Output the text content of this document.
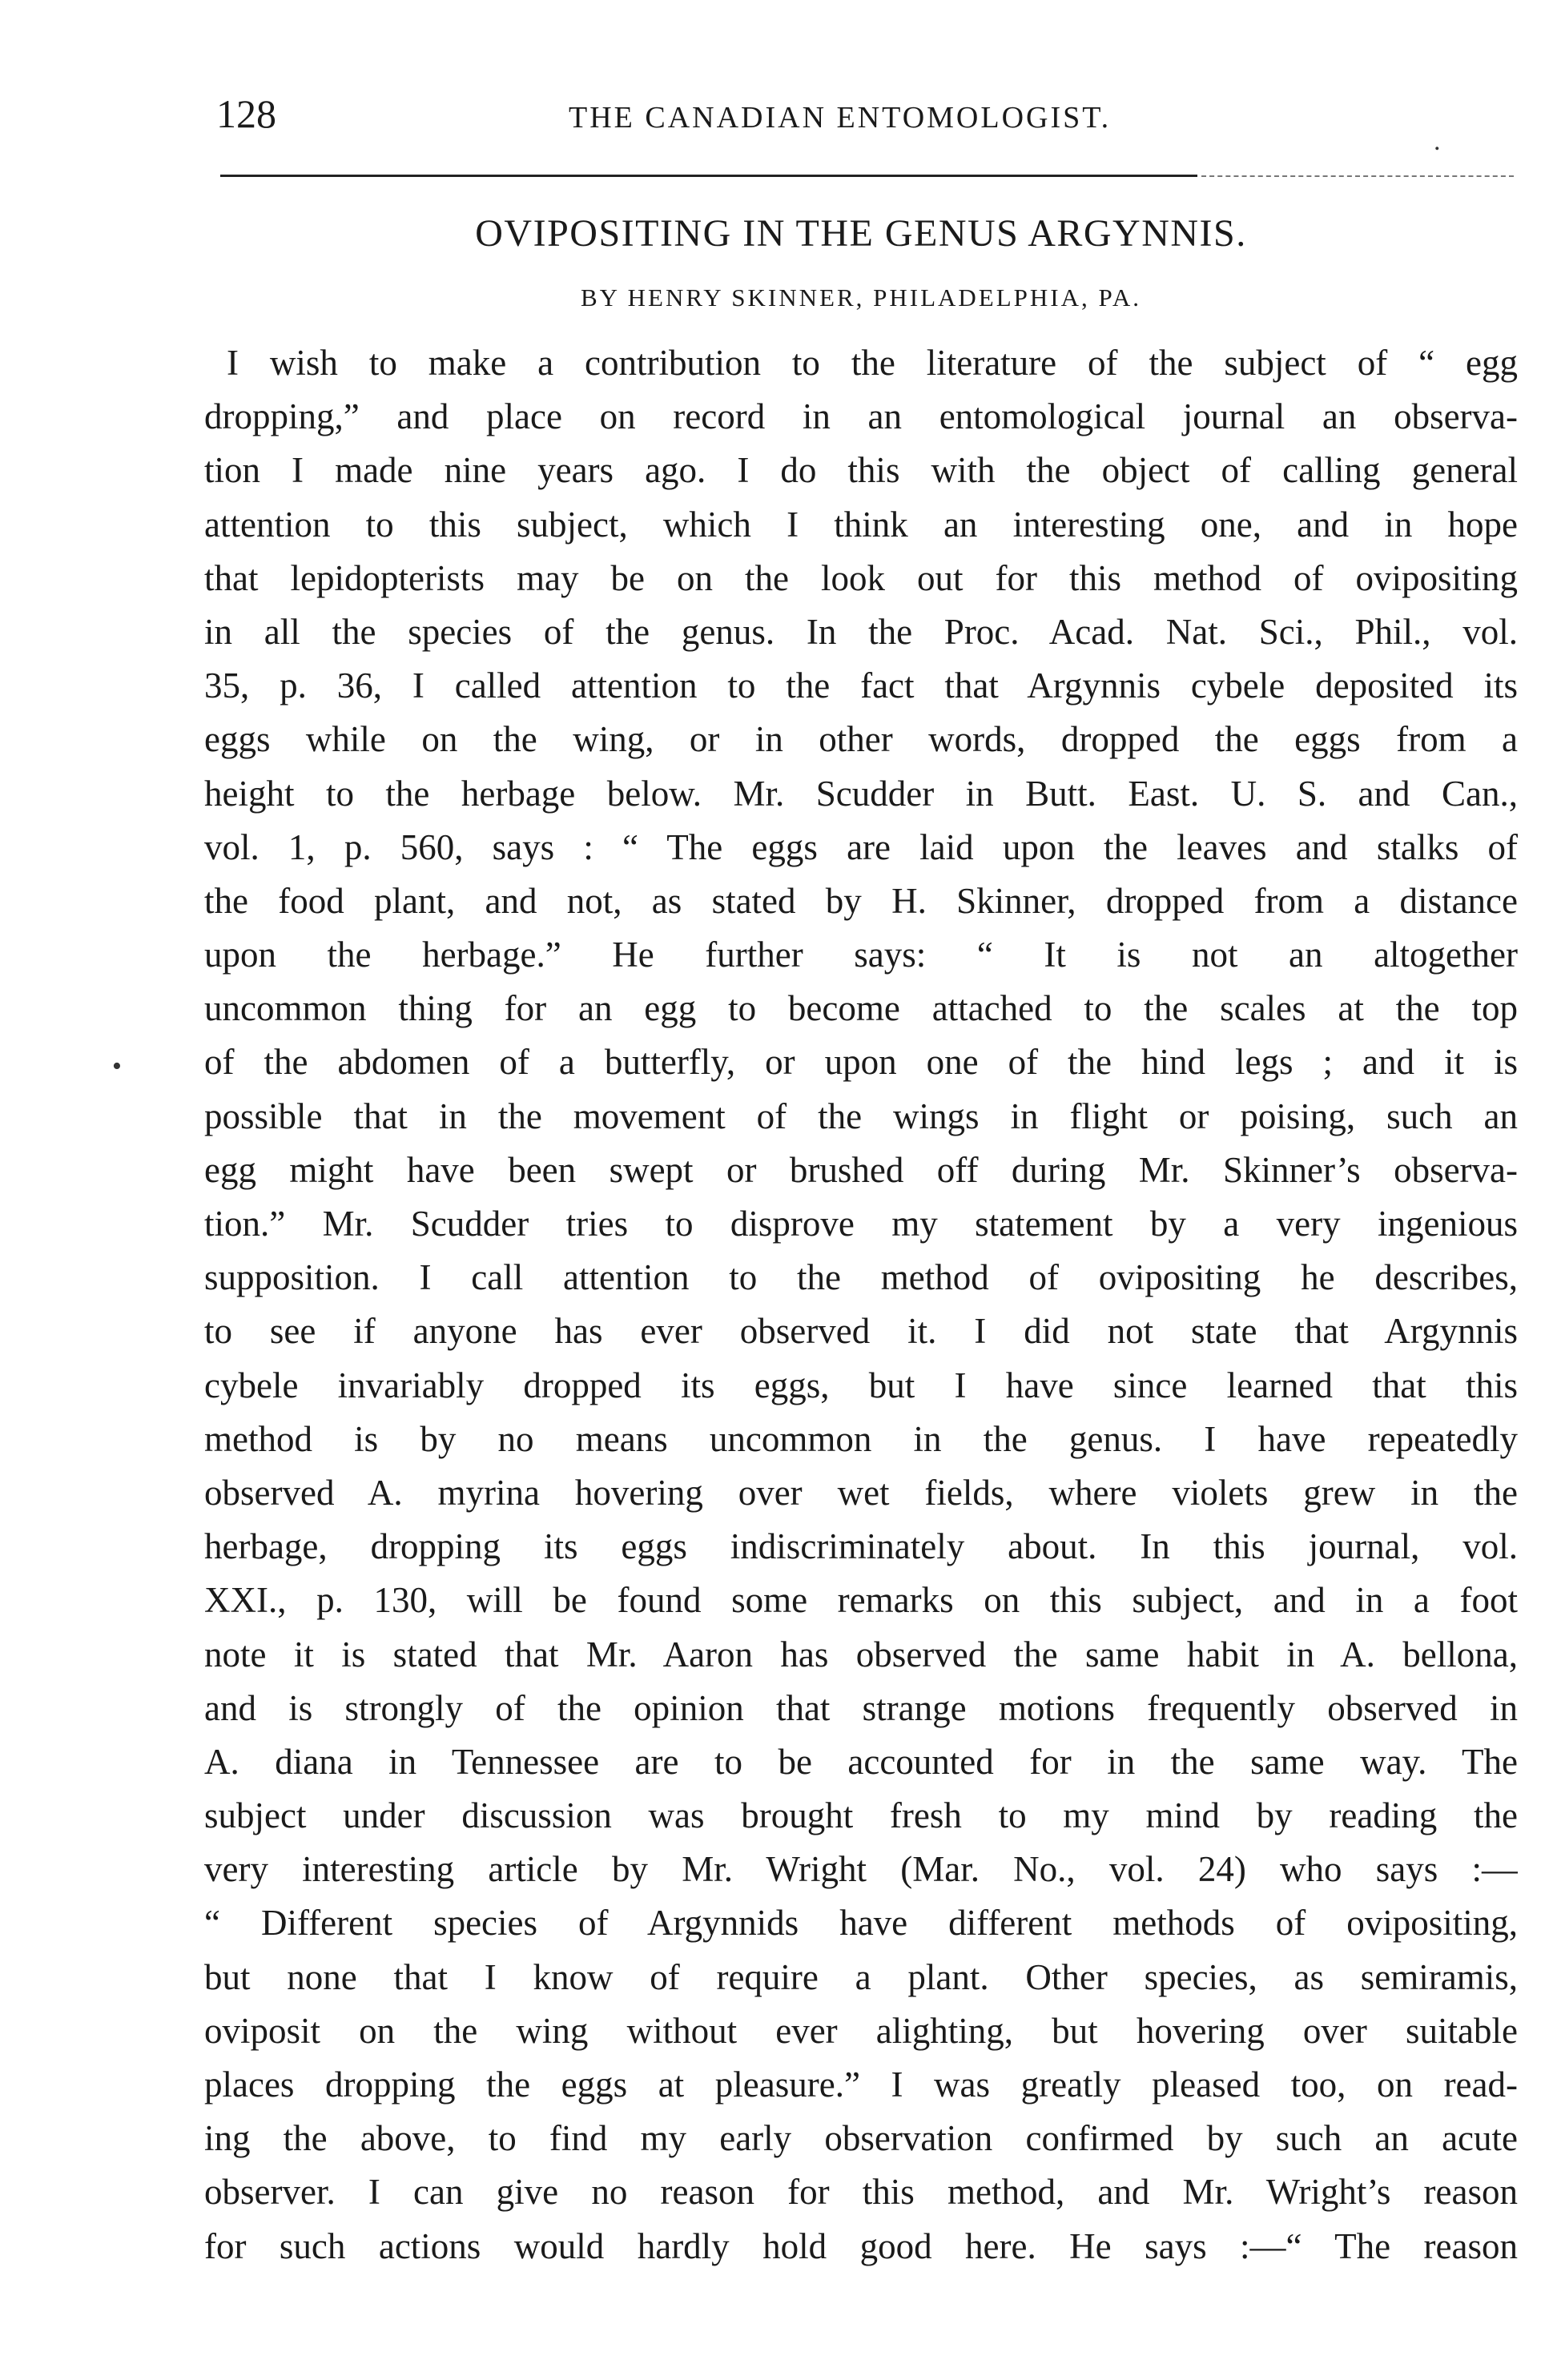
128	THE CANADIAN ENTOMOLOGIST.
OVIPOSITING IN THE GENUS ARGYNNIS.
BY HENRY SKINNER, PHILADELPHIA, PA.
I wish to make a contribution to the literature of the subject of “ egg
dropping,” and place on record in an entomological journal an observa-
tion I made nine years ago. I do this with the object of calling general
attention to this subject, which I think an interesting one, and in hope
that lepidopterists may be on the look out for this method of ovipositing
in all the species of the genus. In the Proc. Acad. Nat. Sci., Phil., vol.
35, p. 36, I called attention to the fact that Argynnis cybele deposited its
eggs while on the wing, or in other words, dropped the eggs from a
height to the herbage below. Mr. Scudder in Butt. East. U. S. and Can.,
vol. 1, p. 560, says : “ The eggs are laid upon the leaves and stalks of
the food plant, and not, as stated by H. Skinner, dropped from a distance
upon the herbage.” He further says: “ It is not an altogether
uncommon thing for an egg to become attached to the scales at the top
of the abdomen of a butterfly, or upon one of the hind legs ; and it is
possible that in the movement of the wings in flight or poising, such an
egg might have been swept or brushed off during Mr. Skinner’s observa-
tion.” Mr. Scudder tries to disprove my statement by a very ingenious
supposition. I call attention to the method of ovipositing he describes,
to see if anyone has ever observed it. I did not state that Argynnis
cybele invariably dropped its eggs, but I have since learned that this
method is by no means uncommon in the genus. I have repeatedly
observed A. myrina hovering over wet fields, where violets grew in the
herbage, dropping its eggs indiscriminately about. In this journal, vol.
XXI., p. 130, will be found some remarks on this subject, and in a foot
note it is stated that Mr. Aaron has observed the same habit in A. bellona,
and is strongly of the opinion that strange motions frequently observed in
A. diana in Tennessee are to be accounted for in the same way. The
subject under discussion was brought fresh to my mind by reading the
very interesting article by Mr. Wright (Mar. No., vol. 24) who says :—
“ Different species of Argynnids have different methods of ovipositing,
but none that I know of require a plant. Other species, as semiramis,
oviposit on the wing without ever alighting, but hovering over suitable
places dropping the eggs at pleasure.” I was greatly pleased too, on read-
ing the above, to find my early observation confirmed by such an acute
observer. I can give no reason for this method, and Mr. Wright’s reason
for such actions would hardly hold good here. He says :—“ The reason
.
•
